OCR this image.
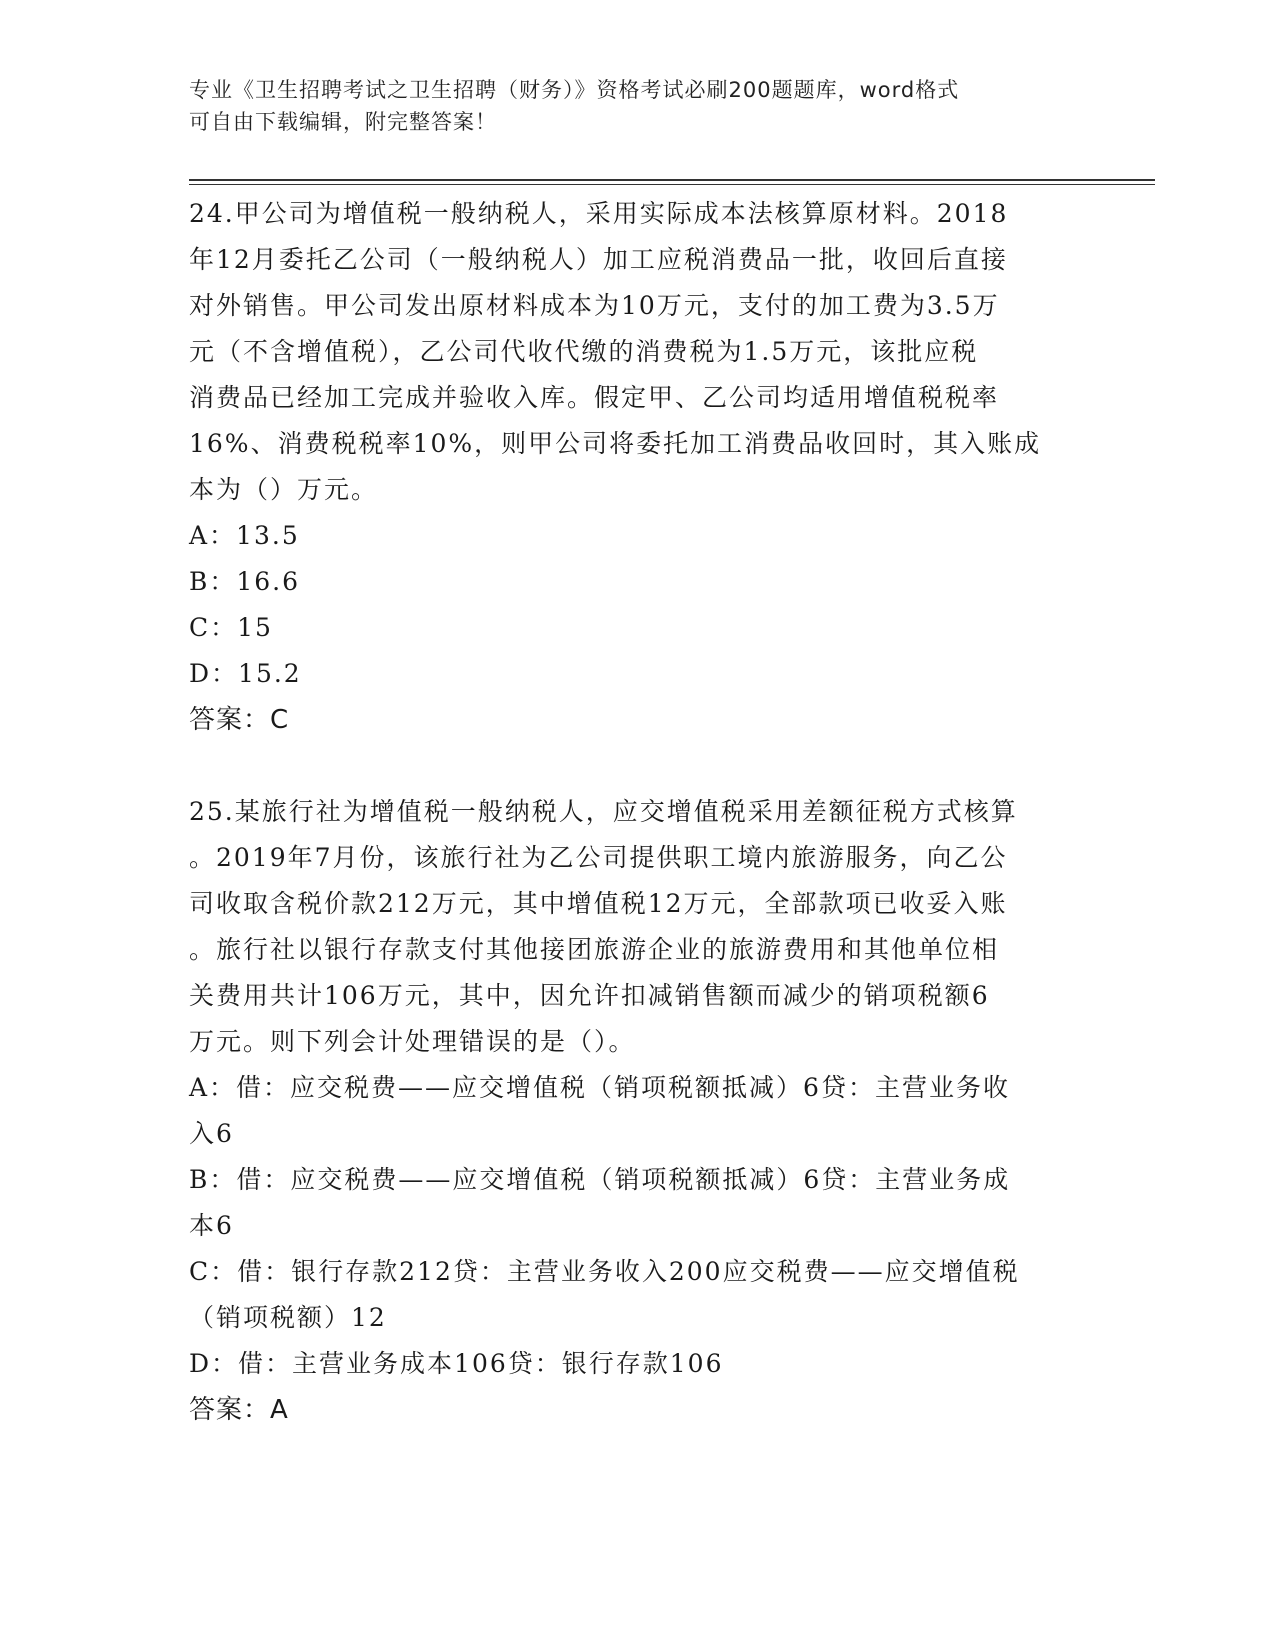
专业《卫生招聘考试之卫生招聘（财务）》资格考试必刷200题题库，word格式
可自由下载编辑，附完整答案！
24.甲公司为增值税一般纳税人，采用实际成本法核算原材料。2018
年12月委托乙公司（一般纳税人）加工应税消费品一批，收回后直接
对外销售。甲公司发出原材料成本为10万元，支付的加工费为3.5万
元（不含增值税），乙公司代收代缴的消费税为1.5万元，该批应税
消费品已经加工完成并验收入库。假定甲、乙公司均适用增值税税率
16%、消费税税率10%，则甲公司将委托加工消费品收回时，其入账成
本为（）万元。
A：13.5
B：16.6
C：15
D：15.2
答案：C
25.某旅行社为增值税一般纳税人，应交增值税采用差额征税方式核算
。2019年7月份，该旅行社为乙公司提供职工境内旅游服务，向乙公
司收取含税价款212万元，其中增值税12万元，全部款项已收妥入账
。旅行社以银行存款支付其他接团旅游企业的旅游费用和其他单位相
关费用共计106万元，其中，因允许扣减销售额而减少的销项税额6
万元。则下列会计处理错误的是（）。
A：借：应交税费——应交增值税（销项税额抵减）6贷：主营业务收
入6
B：借：应交税费——应交增值税（销项税额抵减）6贷：主营业务成
本6
C：借：银行存款212贷：主营业务收入200应交税费——应交增值税
（销项税额）12
D：借：主营业务成本106贷：银行存款106
答案：A
